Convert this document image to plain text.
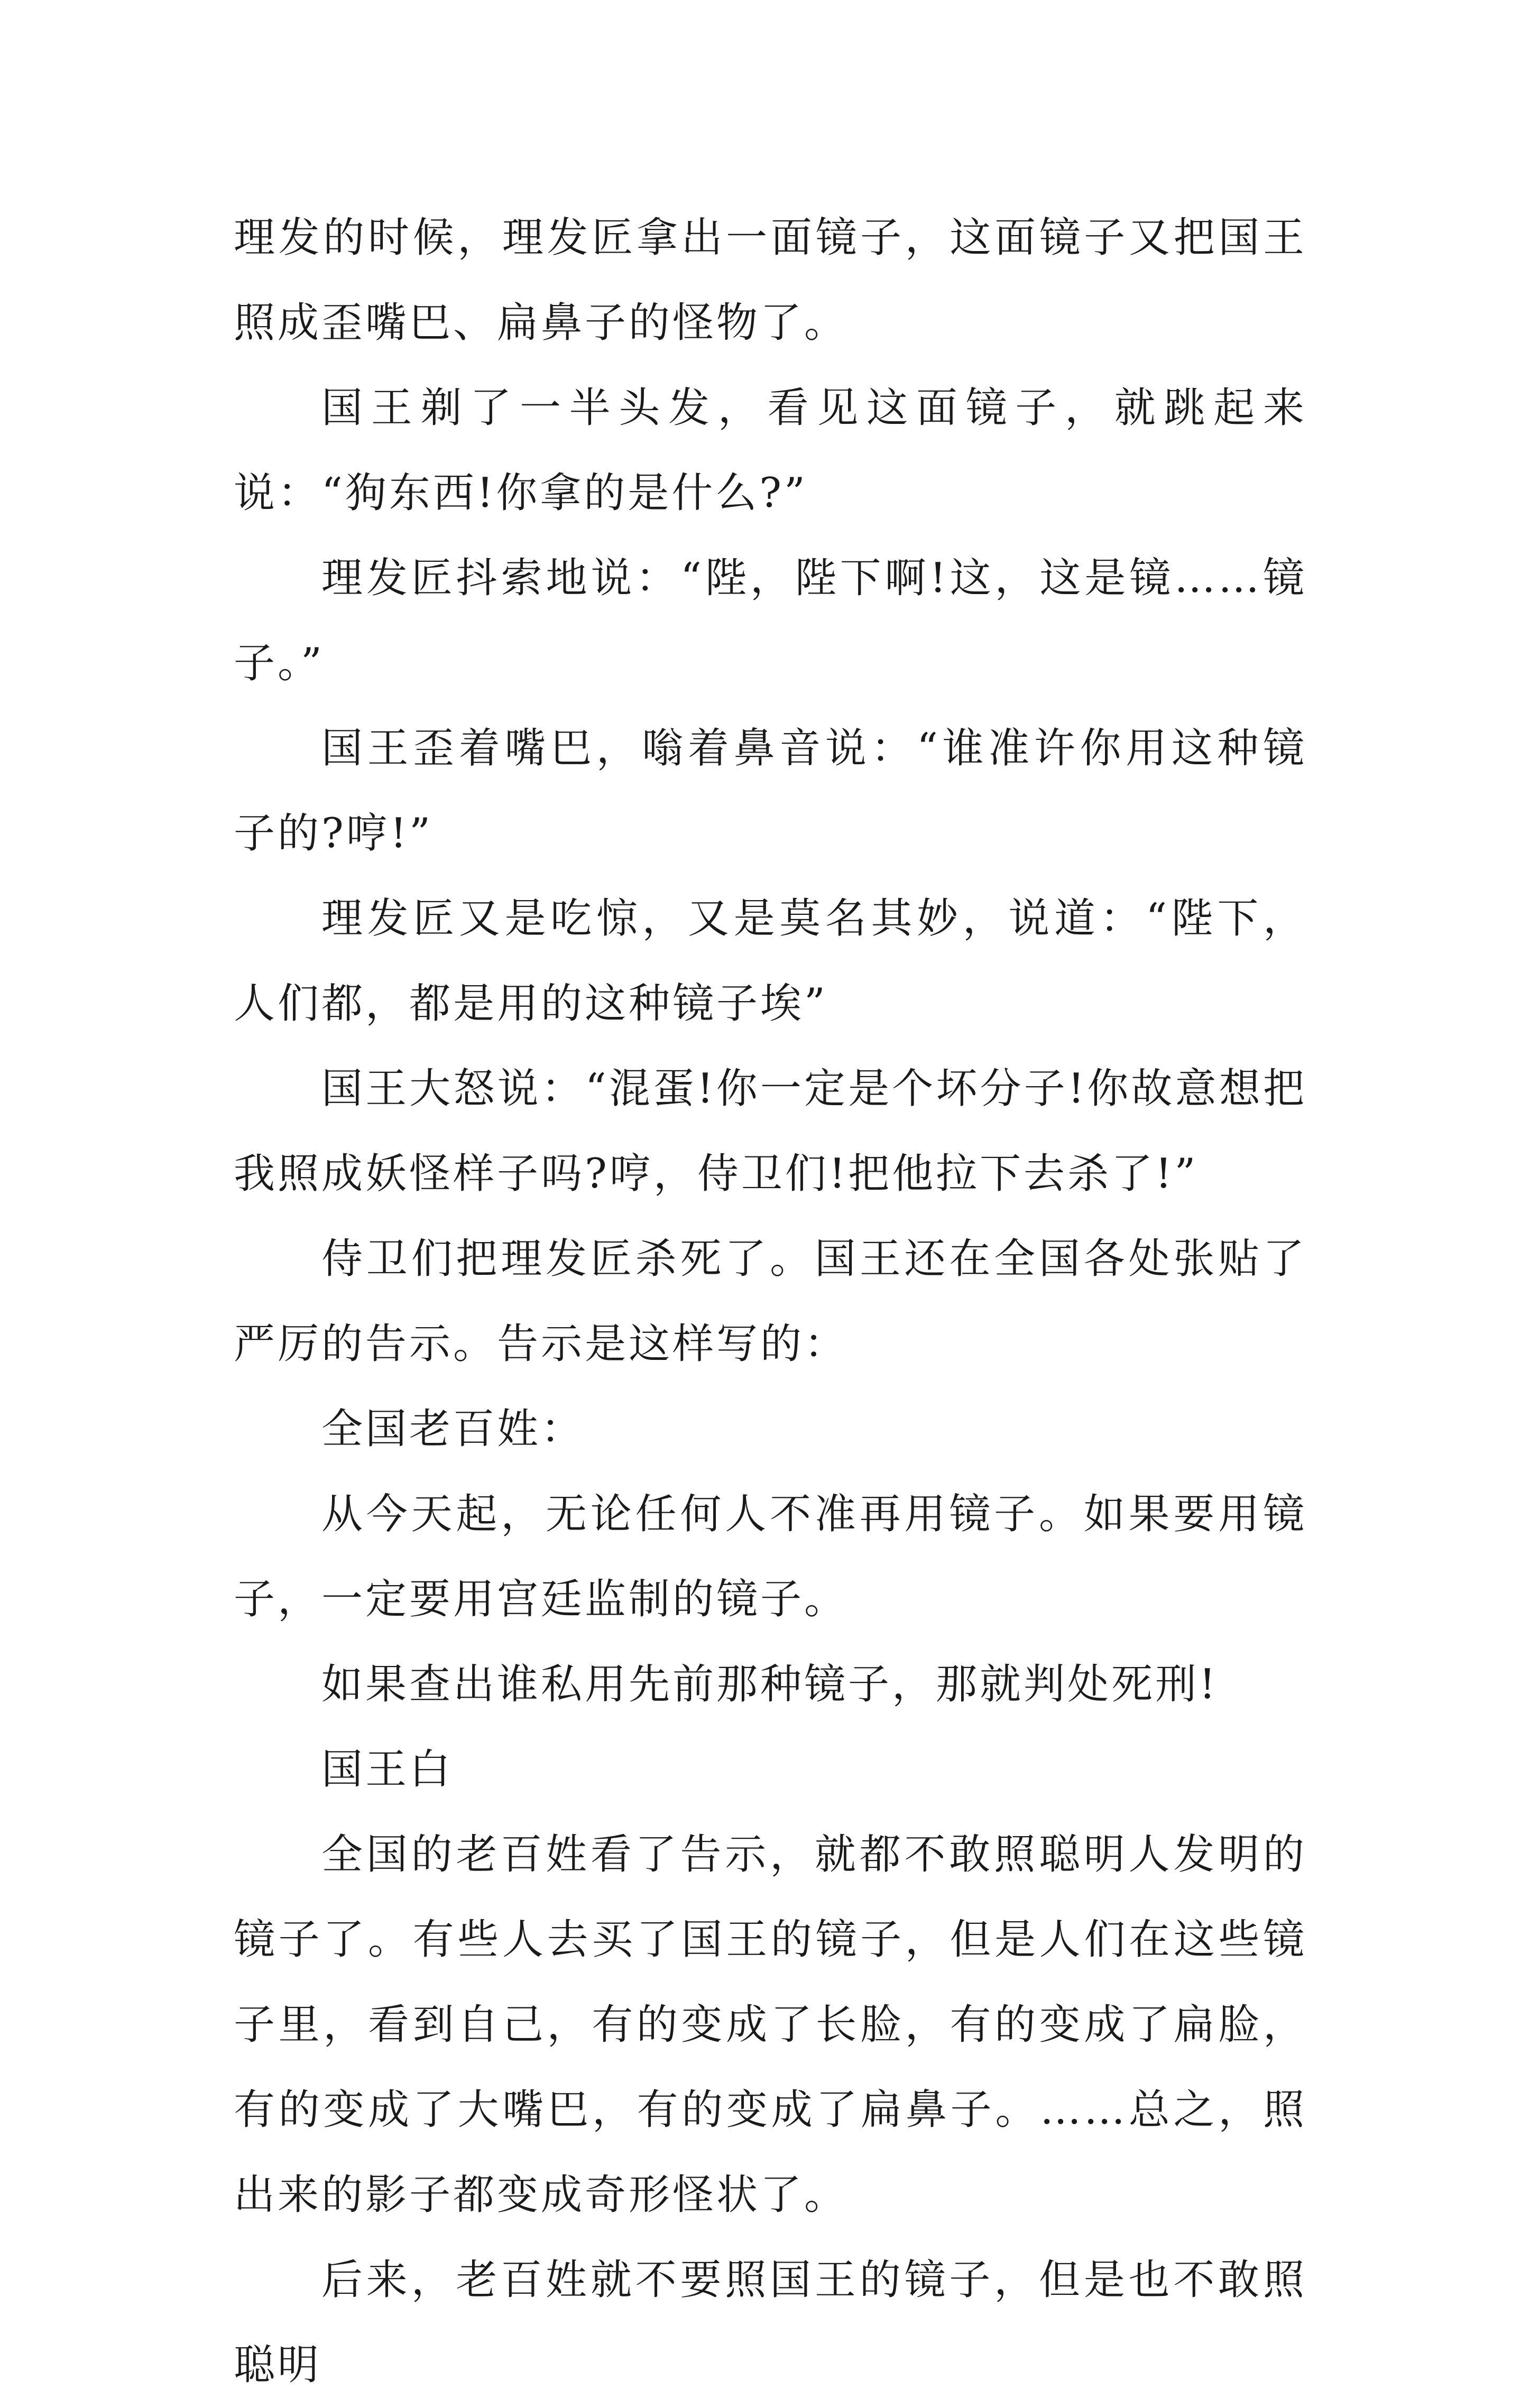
理发的时候，理发匠拿出一面镜子，这面镜子又把国王照成歪嘴巴、扁鼻子的怪物了。

国王剃了一半头发，看见这面镜子，就跳起来说：“狗东西!你拿的是什么?”

理发匠抖索地说：“陛，陛下啊!这，这是镜……镜子。”

国王歪着嘴巴，嗡着鼻音说：“谁准许你用这种镜子的?哼!”

理发匠又是吃惊，又是莫名其妙，说道：“陛下，人们都，都是用的这种镜子埃”

国王大怒说：“混蛋!你一定是个坏分子!你故意想把我照成妖怪样子吗?哼，侍卫们!把他拉下去杀了!”

侍卫们把理发匠杀死了。国王还在全国各处张贴了严厉的告示。告示是这样写的：

全国老百姓：

从今天起，无论任何人不准再用镜子。如果要用镜子，一定要用宫廷监制的镜子。

如果查出谁私用先前那种镜子，那就判处死刑!

国王白

全国的老百姓看了告示，就都不敢照聪明人发明的镜子了。有些人去买了国王的镜子，但是人们在这些镜子里，看到自己，有的变成了长脸，有的变成了扁脸，有的变成了大嘴巴，有的变成了扁鼻子。……总之，照出来的影子都变成奇形怪状了。

后来，老百姓就不要照国王的镜子，但是也不敢照聪明
